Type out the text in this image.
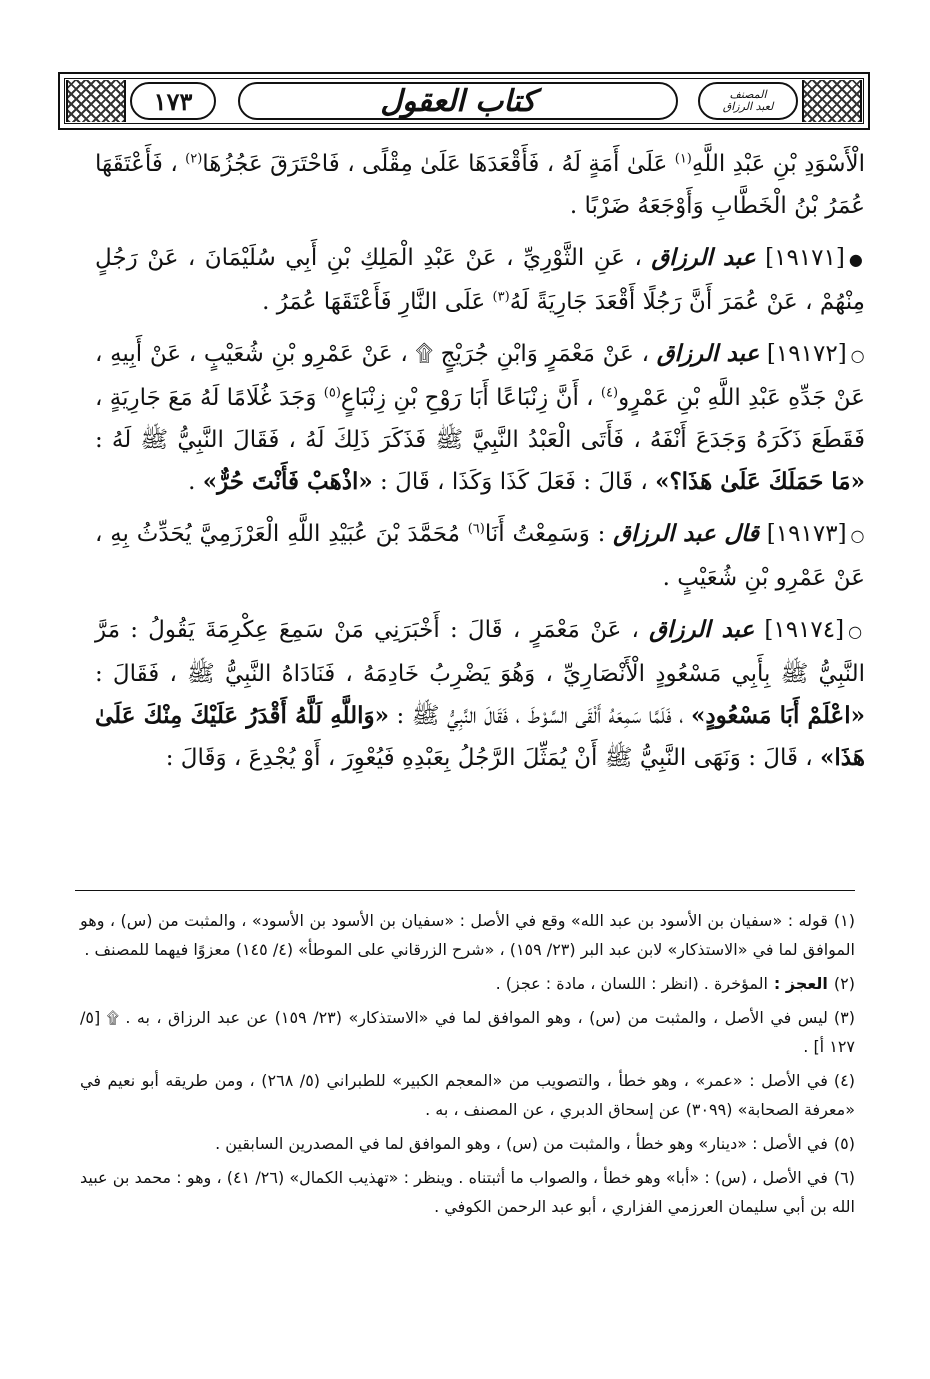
المصنف
لعبد الرزاق
كتاب العقول
١٧٣

الْأَسْوَدِ بْنِ عَبْدِ اللَّهِ$^{(١)}$ عَلَىٰ أَمَةٍ لَهُ ، فَأَقْعَدَهَا عَلَىٰ مِقْلًى ، فَاحْتَرَقَ عَجُزُهَا$^{(٢)}$ ، فَأَعْتَقَهَا عُمَرُ بْنُ الْخَطَّابِ وَأَوْجَعَهُ ضَرْبًا .

●[١٩١٧١] عبد الرزاق ، عَنِ الثَّوْرِيِّ ، عَنْ عَبْدِ الْمَلِكِ بْنِ أَبِي سُلَيْمَانَ ، عَنْ رَجُلٍ مِنْهُمْ ، عَنْ عُمَرَ أَنَّ رَجُلًا أَقْعَدَ جَارِيَةً لَهُ$^{(٣)}$ عَلَى النَّارِ فَأَعْتَقَهَا عُمَرُ .

○[١٩١٧٢] عبد الرزاق ، عَنْ مَعْمَرٍ وَابْنِ جُرَيْجٍ ۩ ، عَنْ عَمْرِو بْنِ شُعَيْبٍ ، عَنْ أَبِيهِ ، عَنْ جَدِّهِ عَبْدِ اللَّهِ بْنِ عَمْرٍو$^{(٤)}$ ، أَنَّ زِنْبَاعًا أَبَا رَوْحِ بْنِ زِنْبَاعٍ$^{(٥)}$ وَجَدَ غُلَامًا لَهُ مَعَ جَارِيَةٍ ، فَقَطَعَ ذَكَرَهُ وَجَدَعَ أَنْفَهُ ، فَأَتَى الْعَبْدُ النَّبِيَّ ﷺ فَذَكَرَ ذَلِكَ لَهُ ، فَقَالَ النَّبِيُّ ﷺ لَهُ : «مَا حَمَلَكَ عَلَىٰ هَذَا؟» ، قَالَ : فَعَلَ كَذَا وَكَذَا ، قَالَ : «اذْهَبْ فَأَنْتَ حُرٌّ» .

○[١٩١٧٣] قال عبد الرزاق : وَسَمِعْتُ أَنَا$^{(٦)}$ مُحَمَّدَ بْنَ عُبَيْدِ اللَّهِ الْعَرْزَمِيَّ يُحَدِّثُ بِهِ ، عَنْ عَمْرِو بْنِ شُعَيْبٍ .

○[١٩١٧٤] عبد الرزاق ، عَنْ مَعْمَرٍ ، قَالَ : أَخْبَرَنِي مَنْ سَمِعَ عِكْرِمَةَ يَقُولُ : مَرَّ النَّبِيُّ ﷺ بِأَبِي مَسْعُودٍ الْأَنْصَارِيِّ ، وَهُوَ يَضْرِبُ خَادِمَهُ ، فَنَادَاهُ النَّبِيُّ ﷺ ، فَقَالَ : «اعْلَمْ أَبَا مَسْعُودٍ» ، فَلَمَّا سَمِعَهُ أَلْقَى السَّوْطَ ، فَقَالَ النَّبِيُّ ﷺ : «وَاللَّهِ لَلَّهُ أَقْدَرُ عَلَيْكَ مِنْكَ عَلَىٰ هَذَا» ، قَالَ : وَنَهَى النَّبِيُّ ﷺ أَنْ يُمَثِّلَ الرَّجُلُ بِعَبْدِهِ فَيُعْوِرَ ، أَوْ يُجْدِعَ ، وَقَالَ :

(١)قوله : «سفيان بن الأسود بن عبد الله» وقع في الأصل : «سفيان بن الأسود بن الأسود» ، والمثبت من (س) ، وهو الموافق لما في «الاستذكار» لابن عبد البر (٢٣/ ١٥٩) ، «شرح الزرقاني على الموطأ» (٤/ ١٤٥) معزوًا فيهما للمصنف .

(٢)العجز :المؤخرة . (انظر : اللسان ، مادة : عجز) .

(٣)ليس في الأصل ، والمثبت من (س) ، وهو الموافق لما في «الاستذكار» (٢٣/ ١٥٩) عن عبد الرزاق ، به . ۩ [٥/ ١٢٧ أ] .

(٤)في الأصل : «عمر» ، وهو خطأ ، والتصويب من «المعجم الكبير» للطبراني (٥/ ٢٦٨) ، ومن طريقه أبو نعيم في «معرفة الصحابة» (٣٠٩٩) عن إسحاق الدبري ، عن المصنف ، به .

(٥)في الأصل : «دينار» وهو خطأ ، والمثبت من (س) ، وهو الموافق لما في المصدرين السابقين .

(٦)في الأصل ، (س) : «أبا» وهو خطأ ، والصواب ما أثبتناه . وينظر : «تهذيب الكمال» (٢٦/ ٤١) ، وهو : محمد بن عبيد الله بن أبي سليمان العرزمي الفزاري ، أبو عبد الرحمن الكوفي .
